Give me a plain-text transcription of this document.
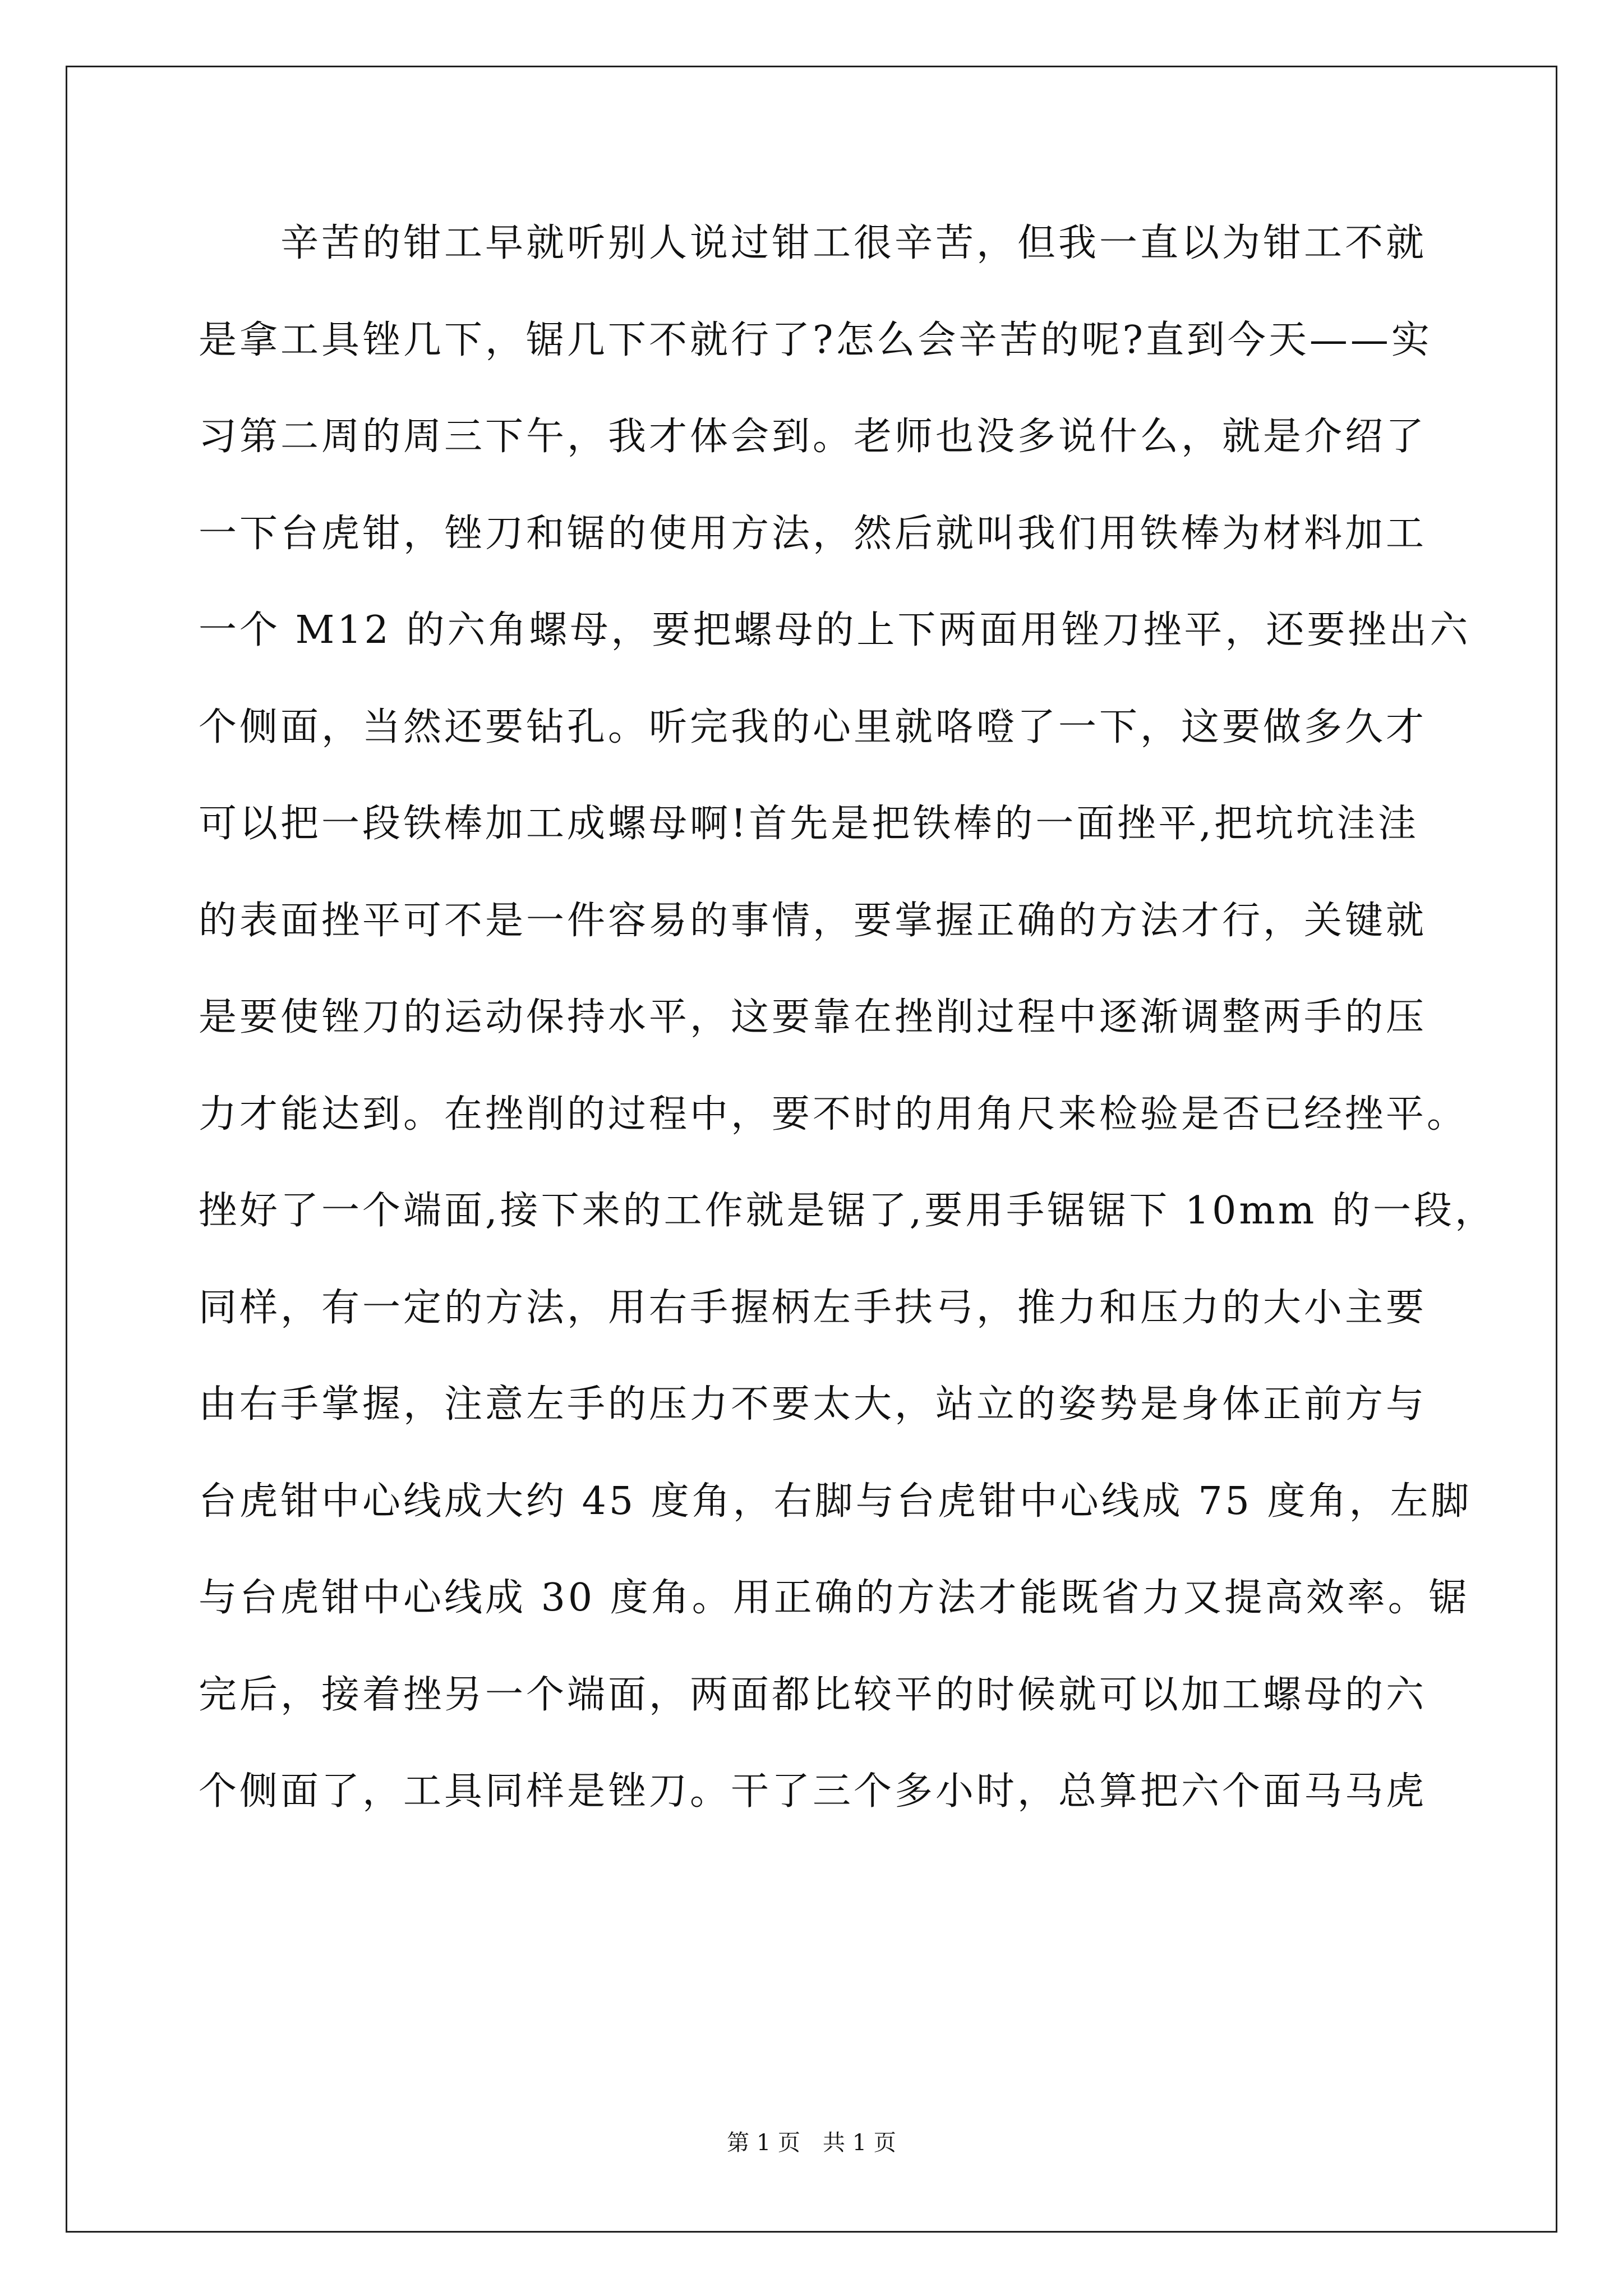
　　辛苦的钳工早就听别人说过钳工很辛苦，但我一直以为钳工不就
是拿工具锉几下，锯几下不就行了?怎么会辛苦的呢?直到今天——实
习第二周的周三下午，我才体会到。老师也没多说什么，就是介绍了
一下台虎钳，锉刀和锯的使用方法，然后就叫我们用铁棒为材料加工
一个 M12 的六角螺母，要把螺母的上下两面用锉刀挫平，还要挫出六
个侧面，当然还要钻孔。听完我的心里就咯噔了一下，这要做多久才
可以把一段铁棒加工成螺母啊!首先是把铁棒的一面挫平,把坑坑洼洼
的表面挫平可不是一件容易的事情，要掌握正确的方法才行，关键就
是要使锉刀的运动保持水平，这要靠在挫削过程中逐渐调整两手的压
力才能达到。在挫削的过程中，要不时的用角尺来检验是否已经挫平。
挫好了一个端面,接下来的工作就是锯了,要用手锯锯下 10mm 的一段，
同样，有一定的方法，用右手握柄左手扶弓，推力和压力的大小主要
由右手掌握，注意左手的压力不要太大，站立的姿势是身体正前方与
台虎钳中心线成大约 45 度角，右脚与台虎钳中心线成 75 度角，左脚
与台虎钳中心线成 30 度角。用正确的方法才能既省力又提高效率。锯
完后，接着挫另一个端面，两面都比较平的时候就可以加工螺母的六
个侧面了，工具同样是锉刀。干了三个多小时，总算把六个面马马虎
第 1 页　共 1 页
